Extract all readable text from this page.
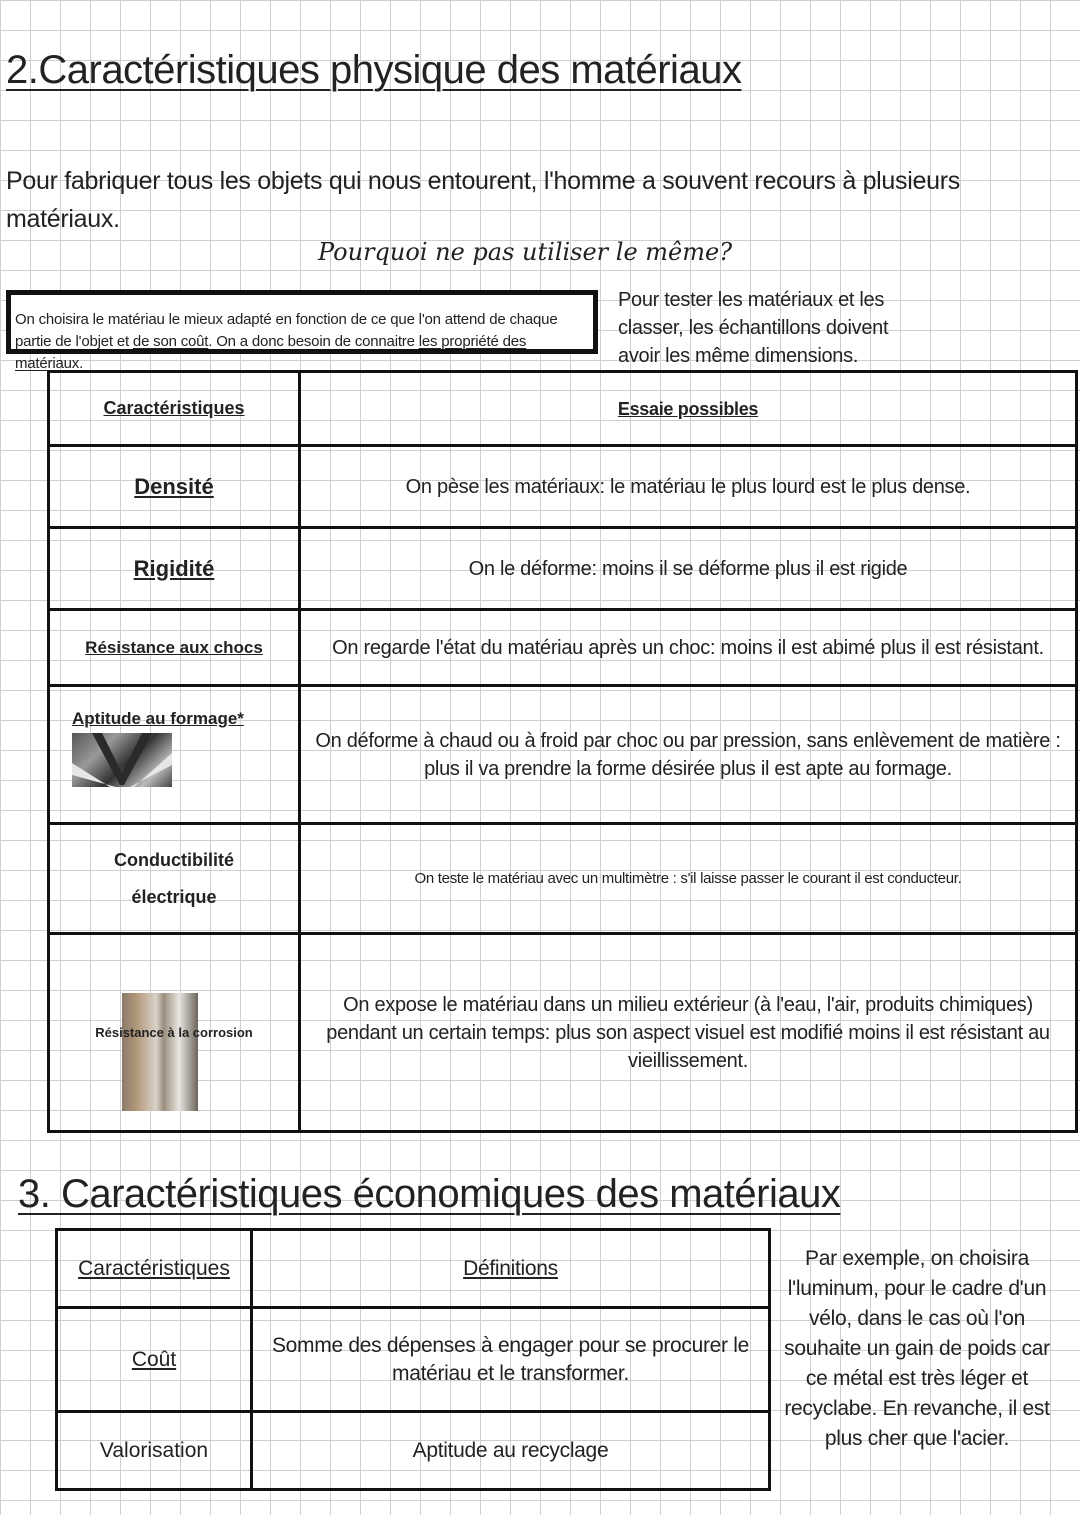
2.Caractéristiques physique des matériaux
Pour fabriquer tous les objets qui nous entourent, l'homme a souvent recours à plusieurs matériaux.
Pourquoi ne pas utiliser le même?
On choisira le matériau le mieux adapté en fonction de ce que l'on attend de chaque partie de l'objet et de son coût. On a donc besoin de connaitre les propriété des matériaux.
Pour tester les matériaux et les classer, les échantillons doivent avoir les même dimensions.
Caractéristiques	Essaie possibles
Densité	On pèse les matériaux: le matériau le plus lourd est le plus dense.
Rigidité	On le déforme: moins il se déforme plus il est rigide
Résistance aux chocs	On regarde l'état du matériau après un choc: moins il est abimé plus il est résistant.

Aptitude au formage*	On déforme à chaud ou à froid par choc ou par pression, sans enlèvement de matière : plus il va prendre la forme désirée plus il est apte au formage.

Conductibilité
électrique	On teste le matériau avec un multimètre : s'il laisse passer le courant il est conducteur.

Résistance à la corrosion	On expose le matériau dans un milieu extérieur (à l'eau, l'air, produits chimiques) pendant un certain temps: plus son aspect visuel est modifié moins il est résistant au vieillissement.
3. Caractéristiques économiques des matériaux
Caractéristiques	Définitions
Coût	Somme des dépenses à engager pour se procurer le matériau et le transformer.
Valorisation	Aptitude au recyclage
Par exemple, on choisira l'luminum, pour le cadre d'un vélo, dans le cas où l'on souhaite un gain de poids car ce métal est très léger et recyclabe. En revanche, il est plus cher que l'acier.
